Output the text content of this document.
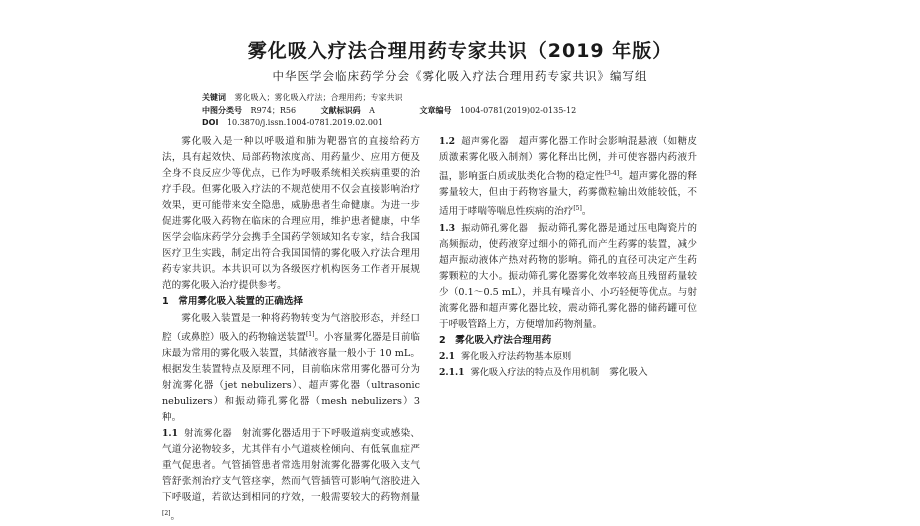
雾化吸入疗法合理用药专家共识（2019 年版）
中华医学会临床药学分会《雾化吸入疗法合理用药专家共识》编写组
关键词 雾化吸入；雾化吸入疗法；合理用药；专家共识
中图分类号 R974；R56	文献标识码 A	文章编号 1004-0781(2019)02-0135-12
DOI 10.3870/j.issn.1004-0781.2019.02.001

雾化吸入是一种以呼吸道和肺为靶器官的直接给药方法，具有起效快、局部药物浓度高、用药量少、应用方便及全身不良反应少等优点，已作为呼吸系统相关疾病重要的治疗手段。但雾化吸入疗法的不规范使用不仅会直接影响治疗效果，更可能带来安全隐患，威胁患者生命健康。为进一步促进雾化吸入药物在临床的合理应用，维护患者健康，中华医学会临床药学分会携手全国药学领域知名专家，结合我国医疗卫生实践，制定出符合我国国情的雾化吸入疗法合理用药专家共识。本共识可以为各级医疗机构医务工作者开展规范的雾化吸入治疗提供参考。

1　常用雾化吸入装置的正确选择

雾化吸入装置是一种将药物转变为气溶胶形态，并经口腔（或鼻腔）吸入的药物输送装置[1]。小容量雾化器是目前临床最为常用的雾化吸入装置，其储液容量一般小于 10 mL。根据发生装置特点及原理不同，目前临床常用雾化器可分为射流雾化器（jet nebulizers）、超声雾化器（ultrasonic nebulizers）和振动筛孔雾化器（mesh nebulizers）3 种。

1.1 射流雾化器 射流雾化器适用于下呼吸道病变或感染、气道分泌物较多，尤其伴有小气道痰栓倾向、有低氧血症严重气促患者。气管插管患者常选用射流雾化器雾化吸入支气管舒张剂治疗支气管痉挛，然而气管插管可影响气溶胶进入下呼吸道，若欲达到相同的疗效，一般需要较大的药物剂量[2]。

1.2 超声雾化器 超声雾化器工作时会影响混悬液（如糖皮质激素雾化吸入制剂）雾化释出比例，并可使容器内药液升温，影响蛋白质或肽类化合物的稳定性[3-4]。超声雾化器的释雾量较大，但由于药物容量大，药雾微粒输出效能较低，不适用于哮喘等喘息性疾病的治疗[5]。

1.3 振动筛孔雾化器 振动筛孔雾化器是通过压电陶瓷片的高频振动，使药液穿过细小的筛孔而产生药雾的装置，减少超声振动液体产热对药物的影响。筛孔的直径可决定产生药雾颗粒的大小。振动筛孔雾化器雾化效率较高且残留药量较少（0.1～0.5 mL），并具有噪音小、小巧轻便等优点。与射流雾化器和超声雾化器比较，震动筛孔雾化器的储药罐可位于呼吸管路上方，方便增加药物剂量。

2　雾化吸入疗法合理用药

2.1 雾化吸入疗法药物基本原则

2.1.1 雾化吸入疗法的特点及作用机制 雾化吸入
